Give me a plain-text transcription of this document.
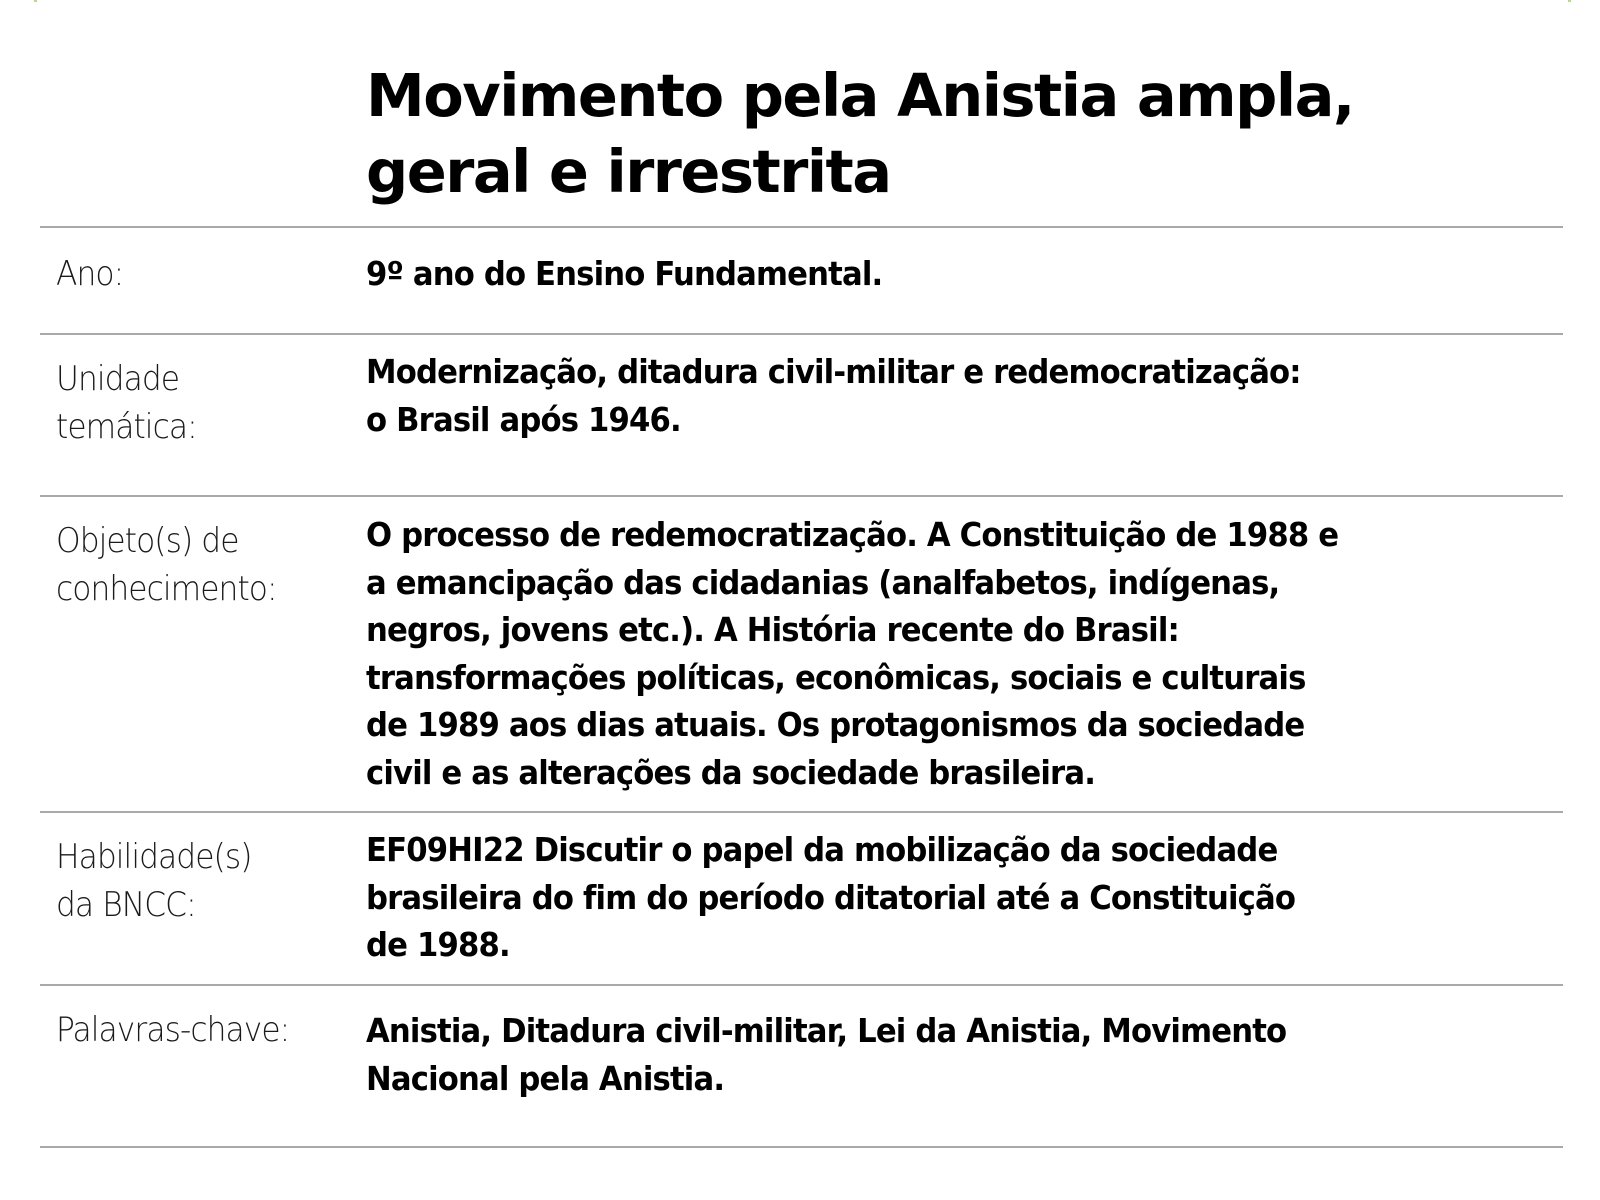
Movimento pela Anistia ampla,
geral e irrestrita
Ano:	9º ano do Ensino Fundamental.
Unidade
temática:
Modernização, ditadura civil-militar e redemocratização:
o Brasil após 1946.
Objeto(s) de
conhecimento:
O processo de redemocratização. A Constituição de 1988 e
a emancipação das cidadanias (analfabetos, indígenas,
negros, jovens etc.). A História recente do Brasil:
transformações políticas, econômicas, sociais e culturais
de 1989 aos dias atuais. Os protagonismos da sociedade
civil e as alterações da sociedade brasileira.
Habilidade(s)
da BNCC:
EF09HI22 Discutir o papel da mobilização da sociedade
brasileira do fim do período ditatorial até a Constituição
de 1988.
Palavras-chave:	Anistia, Ditadura civil-militar, Lei da Anistia, Movimento
Nacional pela Anistia.
